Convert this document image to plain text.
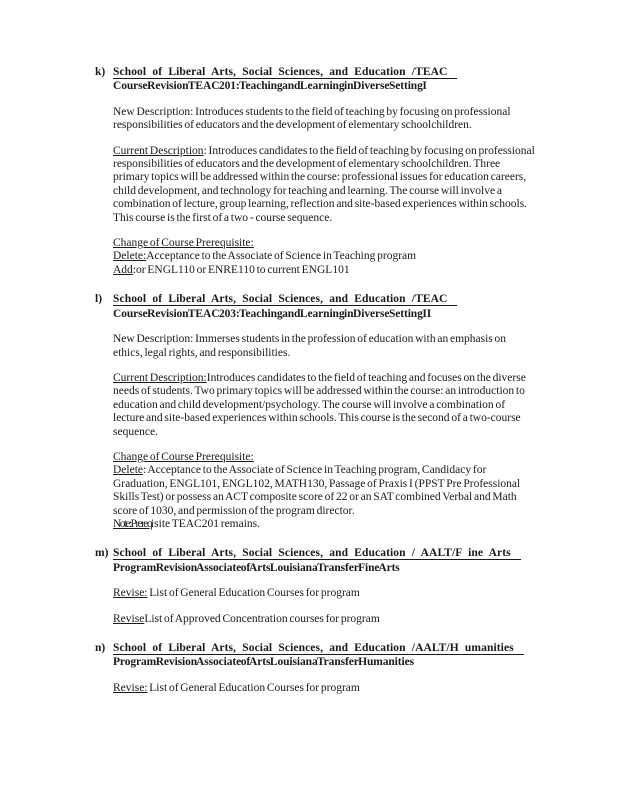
k) School of Liberal Arts, Social Sciences, and Education /TEAC
Course Revision TEAC 201: Teaching and Learning in Diverse Setting I
New Description: Introduces students to the field of teaching by focusing on professional responsibilities of educators and the development of elementary schoolchildren.
Current Description: Introduces candidates to the field of teaching by focusing on professional responsibilities of educators and the development of elementary schoolchildren. Three primary topics will be addressed within the course: professional issues for education careers, child development, and technology for teaching and learning. The course will involve a combination of lecture, group learning, reflection and site-based experiences within schools. This course is the first of a two - course sequence.
Change of Course Prerequisite:
Delete:Acceptance to the Associate of Science in Teaching program
Add:or ENGL110 or ENRE110 to current ENGL101
l) School of Liberal Arts, Social Sciences, and Education /TEAC
Course Revision TEAC 203: Teaching and Learning in Diverse Setting II
New Description: Immerses students in the profession of education with an emphasis on ethics, legal rights, and responsibilities.
Current Description:Introduces candidates to the field of teaching and focuses on the diverse needs of students. Two primary topics will be addressed within the course: an introduction to education and child development/psychology. The course will involve a combination of lecture and site-based experiences within schools. This course is the second of a two-course sequence.
Change of Course Prerequisite:
Delete: Acceptance to the Associate of Science in Teaching program, Candidacy for Graduation, ENGL101, ENGL102, MATH130, Passage of Praxis I (PPST Pre Professional Skills Test) or possess an ACT composite score of 22 or an SAT combined Verbal and Math score of 1030, and permission of the program director.
Note:Prereqisite TEAC201 remains.
m) School of Liberal Arts, Social Sciences, and Education / AALT/F ine Arts
Program Revision Associate of Arts Louisiana Transfer Fine Arts
Revise: List of General Education Courses for program
ReviseList of Approved Concentration courses for program
n) School of Liberal Arts, Social Sciences, and Education /AALT/H umanities
Program Revision Associate of Arts Louisiana Transfer Humanities
Revise: List of General Education Courses for program
